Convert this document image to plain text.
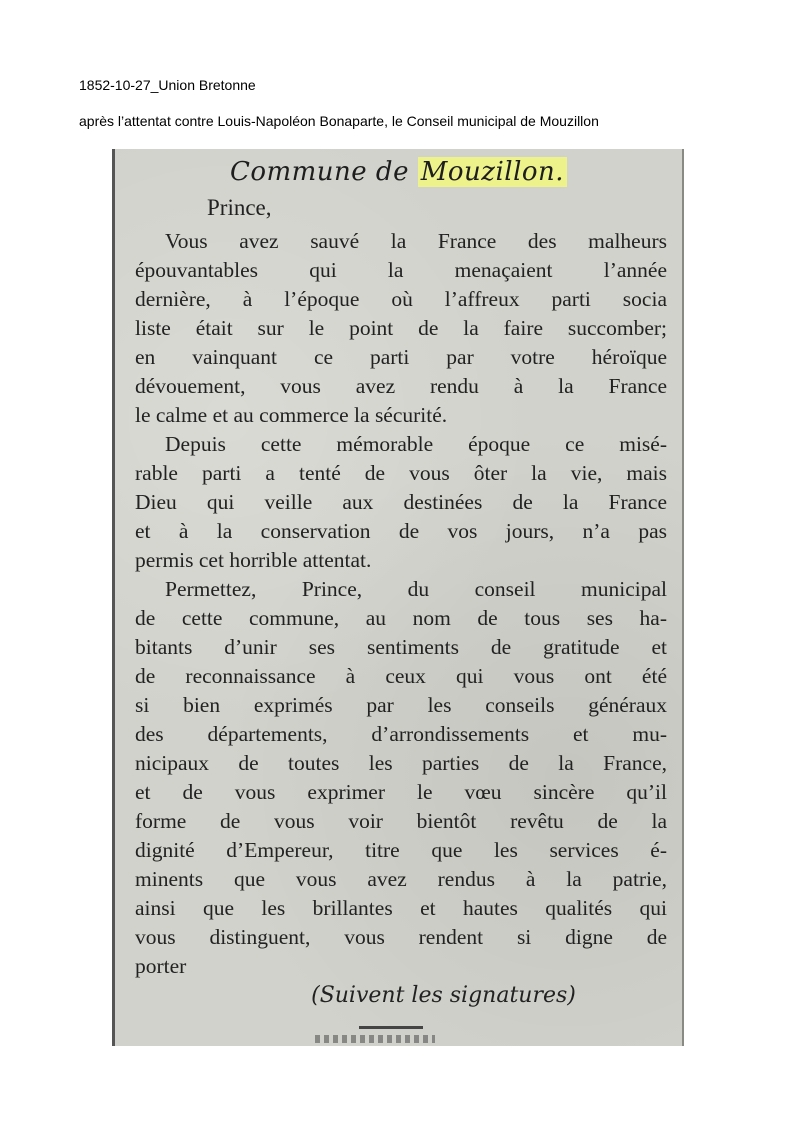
1852-10-27_Union Bretonne
après l’attentat contre Louis-Napoléon Bonaparte, le Conseil municipal de Mouzillon
Commune de Mouzillon.
Prince,
Vous avez sauvé la France des malheurs
épouvantables qui la menaçaient l’année
dernière, à l’époque où l’affreux parti socia
liste était sur le point de la faire succomber;
en vainquant ce parti par votre héroïque
dévouement, vous avez rendu à la France
le calme et au commerce la sécurité.
Depuis cette mémorable époque ce misé-
rable parti a tenté de vous ôter la vie, mais
Dieu qui veille aux destinées de la France
et à la conservation de vos jours, n’a pas
permis cet horrible attentat.
Permettez, Prince, du conseil municipal
de cette commune, au nom de tous ses ha-
bitants d’unir ses sentiments de gratitude et
de reconnaissance à ceux qui vous ont été
si bien exprimés par les conseils généraux
des départements, d’arrondissements et mu-
nicipaux de toutes les parties de la France,
et de vous exprimer le vœu sincère qu’il
forme de vous voir bientôt revêtu de la
dignité d’Empereur, titre que les services é-
minents que vous avez rendus à la patrie,
ainsi que les brillantes et hautes qualités qui
vous distinguent, vous rendent si digne de
porter
(Suivent les signatures)
